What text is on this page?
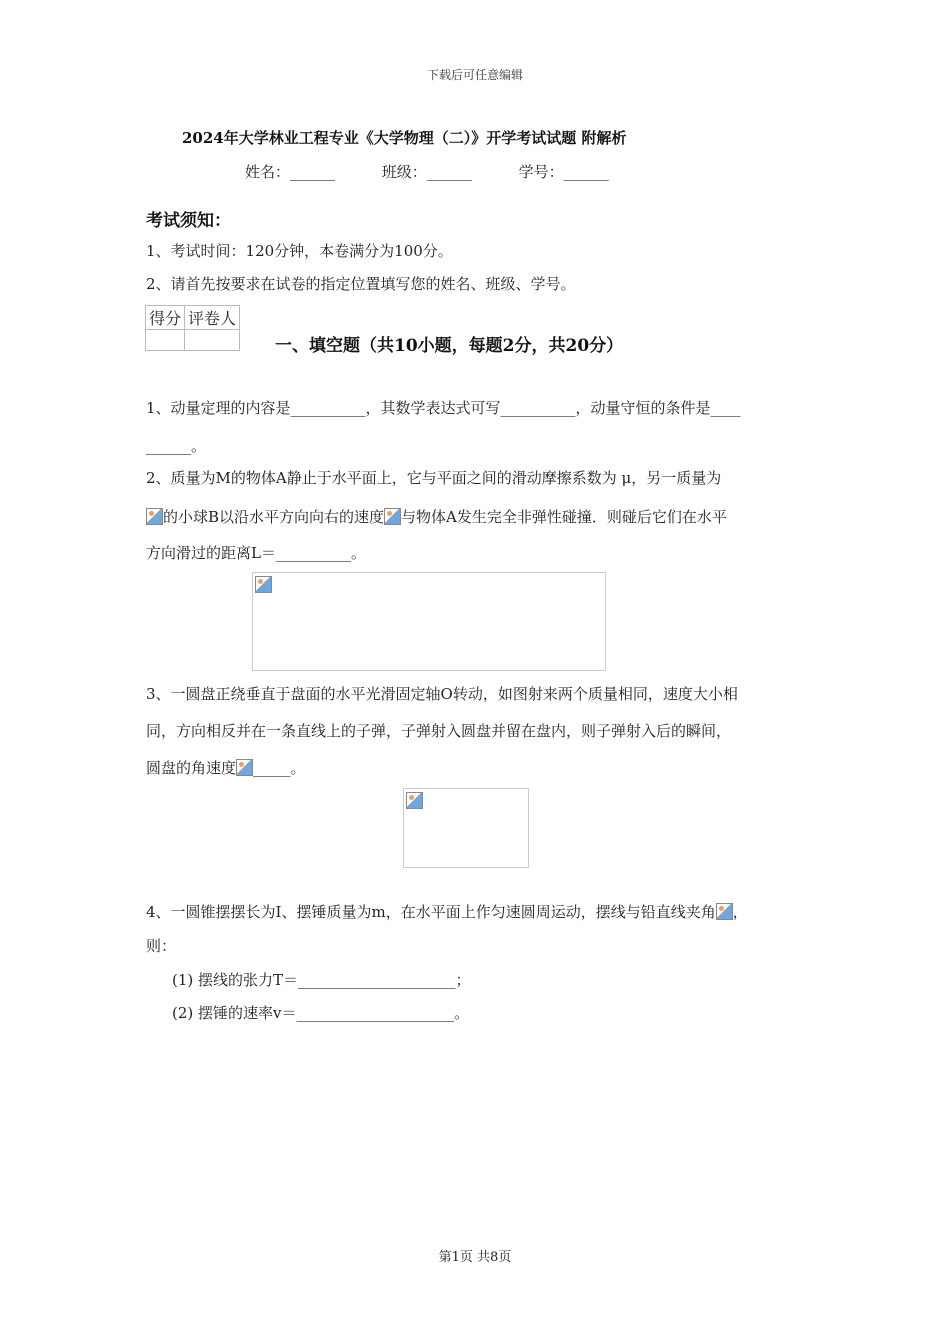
下载后可任意编辑
2024年大学林业工程专业《大学物理（二）》开学考试试题 附解析
姓名：______	班级：______	学号：______
考试须知：
1、考试时间：120分钟，本卷满分为100分。
2、请首先按要求在试卷的指定位置填写您的姓名、班级、学号。
得分	评卷人

一、填空题（共10小题，每题2分，共20分）
1、动量定理的内容是__________，其数学表达式可写__________，动量守恒的条件是____
______。
2、质量为M的物体A静止于水平面上，它与平面之间的滑动摩擦系数为 μ，另一质量为
的小球B以沿水平方向向右的速度 与物体A发生完全非弹性碰撞．则碰后它们在水平
方向滑过的距离L＝__________。
3、一圆盘正绕垂直于盘面的水平光滑固定轴O转动，如图射来两个质量相同，速度大小相
同，方向相反并在一条直线上的子弹，子弹射入圆盘并留在盘内，则子弹射入后的瞬间，
圆盘的角速度 _____。
4、一圆锥摆摆长为I、摆锤质量为m，在水平面上作匀速圆周运动，摆线与铅直线夹角 ，
则：
(1) 摆线的张力T＝_____________________；
(2) 摆锤的速率v＝_____________________。
第1页 共8页
